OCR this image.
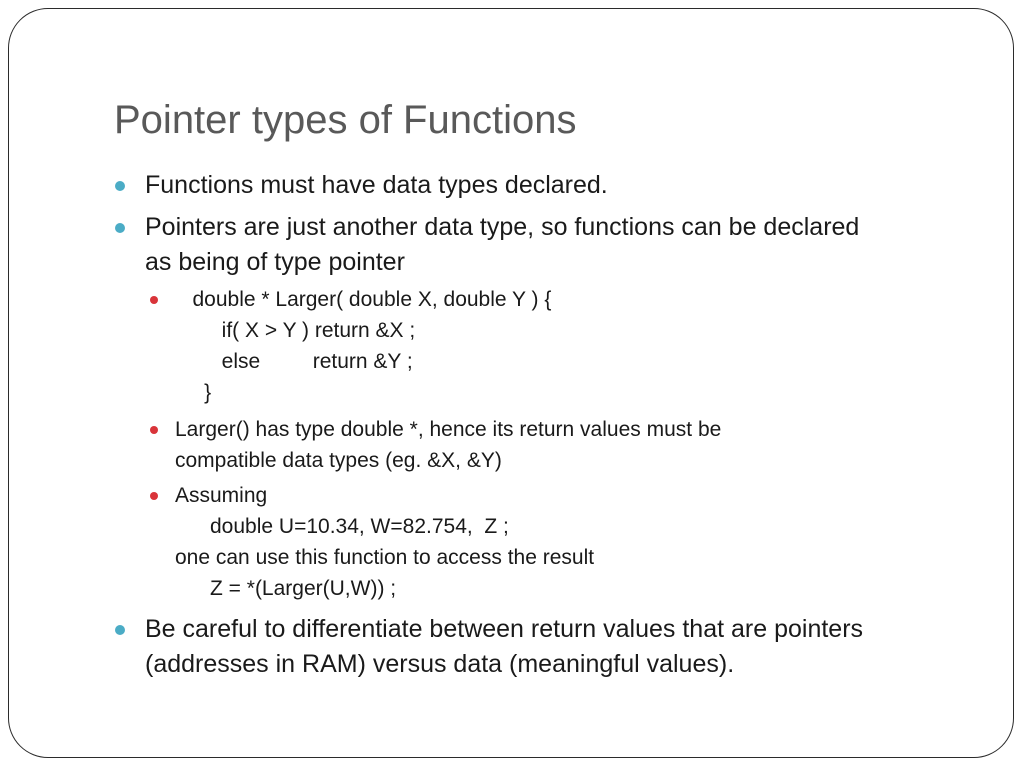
Pointer types of Functions
Functions must have data types declared.
Pointers are just another data type, so functions can be declared
as being of type pointer
double * Larger( double X, double Y ) {
if( X > Y ) return &X ;
else         return &Y ;
}
Larger() has type double *, hence its return values must be
compatible data types (eg. &X, &Y)
Assuming
double U=10.34, W=82.754,  Z ;
one can use this function to access the result
Z = *(Larger(U,W)) ;
Be careful to differentiate between return values that are pointers
(addresses in RAM) versus data (meaningful values).
